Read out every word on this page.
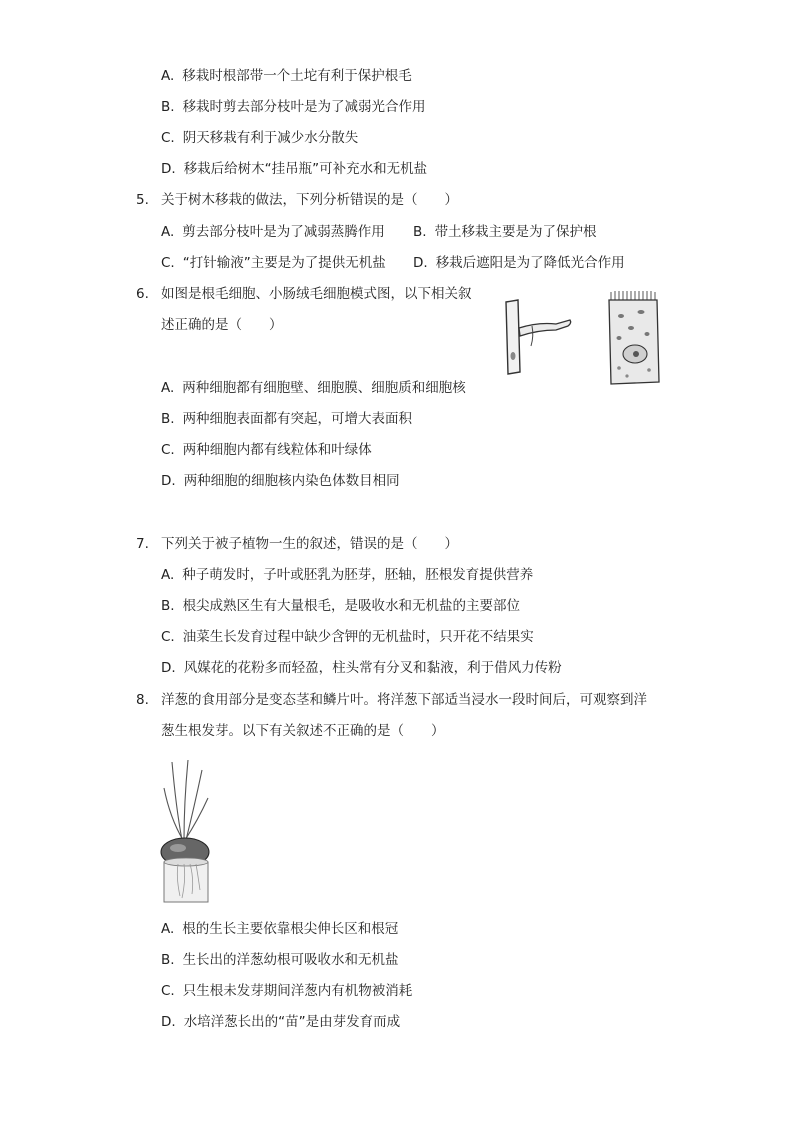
A. 移栽时根部带一个土坨有利于保护根毛
B. 移栽时剪去部分枝叶是为了减弱光合作用
C. 阴天移栽有利于减少水分散失
D. 移栽后给树木“挂吊瓶”可补充水和无机盐
5. 关于树木移栽的做法，下列分析错误的是（　　）
A. 剪去部分枝叶是为了减弱蒸腾作用 B. 带土移栽主要是为了保护根
C. “打针输液”主要是为了提供无机盐 D. 移栽后遮阳是为了降低光合作用
6. 如图是根毛细胞、小肠绒毛细胞模式图，以下相关叙
述正确的是（　　）
A. 两种细胞都有细胞壁、细胞膜、细胞质和细胞核
B. 两种细胞表面都有突起，可增大表面积
C. 两种细胞内都有线粒体和叶绿体
D. 两种细胞的细胞核内染色体数目相同
7. 下列关于被子植物一生的叙述，错误的是（　　）
A. 种子萌发时，子叶或胚乳为胚芽，胚轴，胚根发育提供营养
B. 根尖成熟区生有大量根毛，是吸收水和无机盐的主要部位
C. 油菜生长发育过程中缺少含钾的无机盐时，只开花不结果实
D. 风媒花的花粉多而轻盈，柱头常有分叉和黏液，利于借风力传粉
8. 洋葱的食用部分是变态茎和鳞片叶。将洋葱下部适当浸水一段时间后，可观察到洋
葱生根发芽。以下有关叙述不正确的是（　　）
A. 根的生长主要依靠根尖伸长区和根冠
B. 生长出的洋葱幼根可吸收水和无机盐
C. 只生根未发芽期间洋葱内有机物被消耗
D. 水培洋葱长出的“苗”是由芽发育而成
